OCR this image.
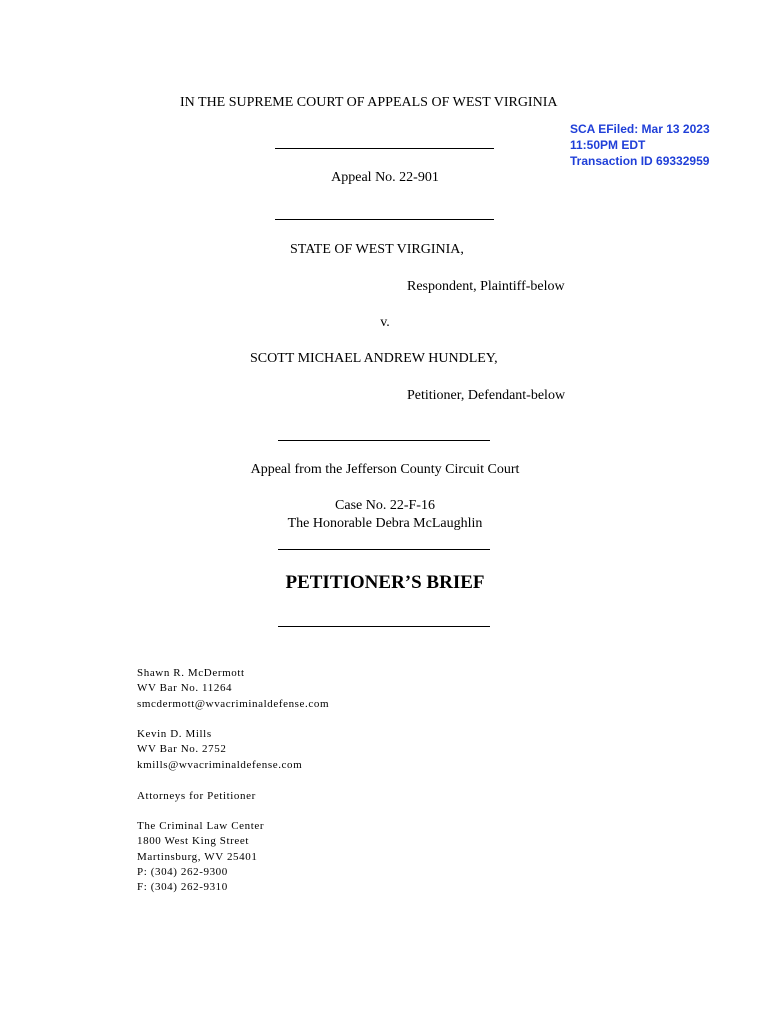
IN THE SUPREME COURT OF APPEALS OF WEST VIRGINIA
SCA EFiled: Mar 13 2023
11:50PM EDT
Transaction ID 69332959
Appeal No. 22-901
STATE OF WEST VIRGINIA,
Respondent, Plaintiff-below
v.
SCOTT MICHAEL ANDREW HUNDLEY,
Petitioner, Defendant-below
Appeal from the Jefferson County Circuit Court
Case No. 22-F-16
The Honorable Debra McLaughlin
PETITIONER’S BRIEF
Shawn R. McDermott
WV Bar No. 11264
smcdermott@wvacriminaldefense.com
Kevin D. Mills
WV Bar No. 2752
kmills@wvacriminaldefense.com
Attorneys for Petitioner
The Criminal Law Center
1800 West King Street
Martinsburg, WV 25401
P: (304) 262-9300
F: (304) 262-9310
